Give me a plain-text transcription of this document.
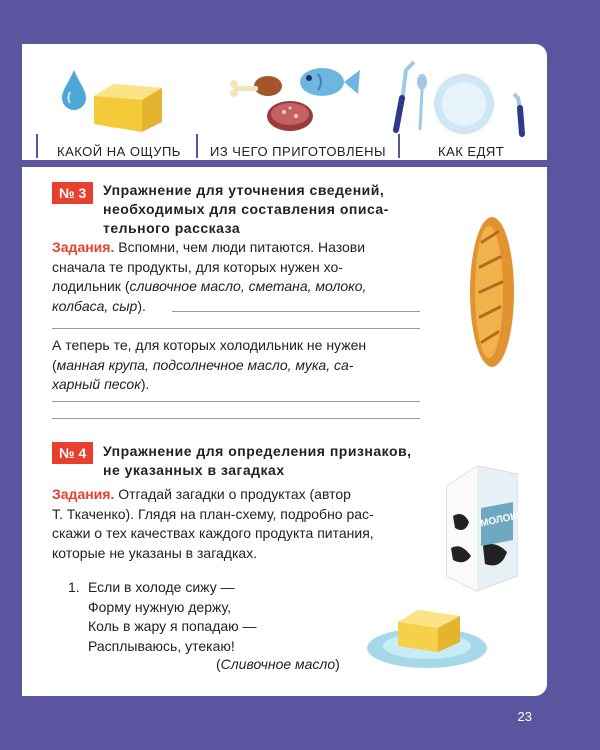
КАКОЙ НА ОЩУПЬ ИЗ ЧЕГО ПРИГОТОВЛЕНЫ	КАК ЕДЯТ
№ 3	Упражнение для уточнения сведений,
необходимых для составления описа-
тельного рассказа
Задания. Вспомни, чем люди питаются. Назови
сначала те продукты, для которых нужен хо-
лодильник (сливочное масло, сметана, молоко,
колбаса, сыр).
А теперь те, для которых холодильник не нужен
(манная крупа, подсолнечное масло, мука, са-
харный песок).
№ 4	Упражнение для определения признаков,
не указанных в загадках
Задания. Отгадай загадки о продуктах (автор
Т. Ткаченко). Глядя на план-схему, подробно рас-
скажи о тех качествах каждого продукта питания,
которые не указаны в загадках.
МОЛОКО
1. Если в холоде сижу —
Форму нужную держу,
Коль в жару я попадаю —
Расплываюсь, утекаю!
(Сливочное масло)
23
